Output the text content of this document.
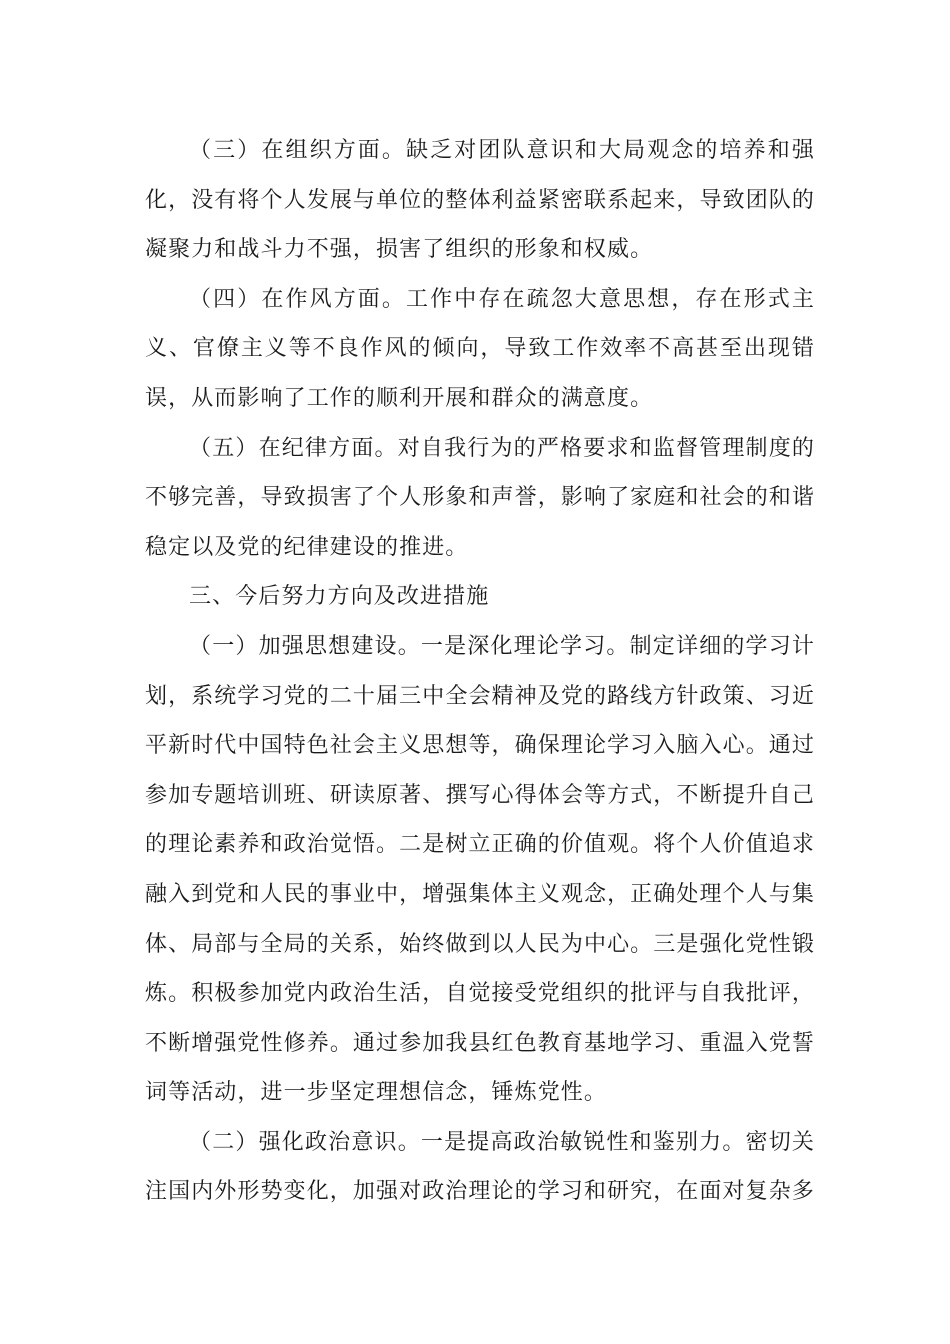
（三）在组织方面。缺乏对团队意识和大局观念的培养和强化，没有将个人发展与单位的整体利益紧密联系起来，导致团队的凝聚力和战斗力不强，损害了组织的形象和权威。

（四）在作风方面。工作中存在疏忽大意思想，存在形式主义、官僚主义等不良作风的倾向，导致工作效率不高甚至出现错误，从而影响了工作的顺利开展和群众的满意度。

（五）在纪律方面。对自我行为的严格要求和监督管理制度的不够完善，导致损害了个人形象和声誉，影响了家庭和社会的和谐稳定以及党的纪律建设的推进。

三、今后努力方向及改进措施

（一）加强思想建设。一是深化理论学习。制定详细的学习计划，系统学习党的二十届三中全会精神及党的路线方针政策、习近平新时代中国特色社会主义思想等，确保理论学习入脑入心。通过参加专题培训班、研读原著、撰写心得体会等方式，不断提升自己的理论素养和政治觉悟。二是树立正确的价值观。将个人价值追求融入到党和人民的事业中，增强集体主义观念，正确处理个人与集体、局部与全局的关系，始终做到以人民为中心。三是强化党性锻炼。积极参加党内政治生活，自觉接受党组织的批评与自我批评，不断增强党性修养。通过参加我县红色教育基地学习、重温入党誓词等活动，进一步坚定理想信念，锤炼党性。

（二）强化政治意识。一是提高政治敏锐性和鉴别力。密切关注国内外形势变化，加强对政治理论的学习和研究，在面对复杂多
